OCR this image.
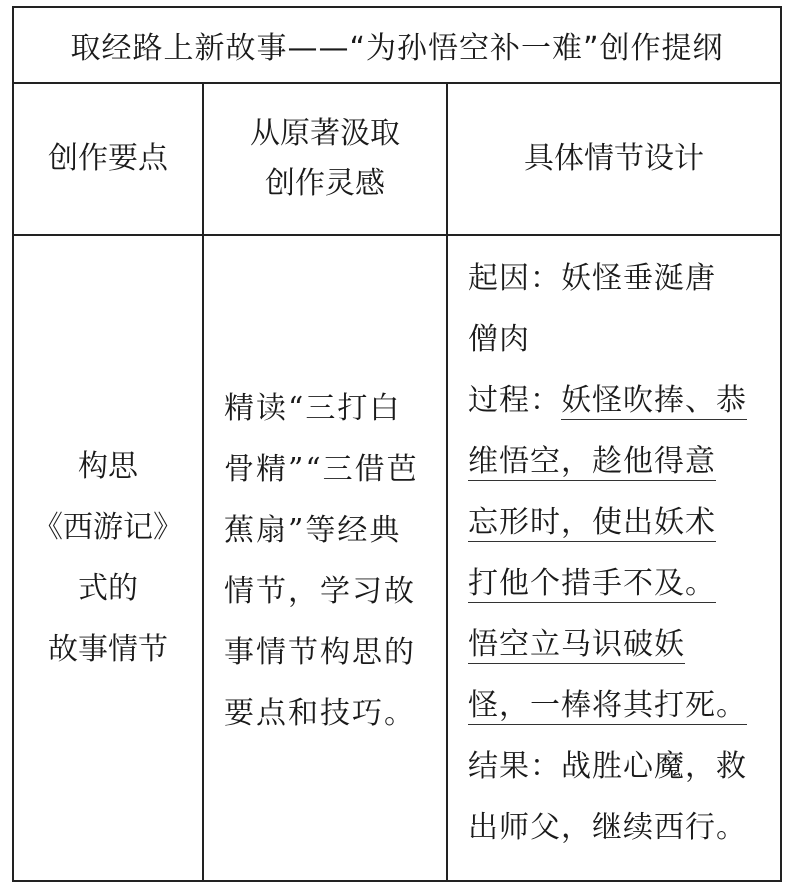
取经路上新故事——“为孙悟空补一难”创作提纲
创作要点
从原著汲取
创作灵感
具体情节设计
构思
《西游记》
式的
故事情节
精读“三打白
骨精”“三借芭
蕉扇”等经典
情节，学习故
事情节构思的
要点和技巧。
起因：妖怪垂涎唐
僧肉
过程：妖怪吹捧、恭
维悟空，趁他得意
忘形时，使出妖术
打他个措手不及。
悟空立马识破妖
怪，一棒将其打死。
结果：战胜心魔，救
出师父，继续西行。
